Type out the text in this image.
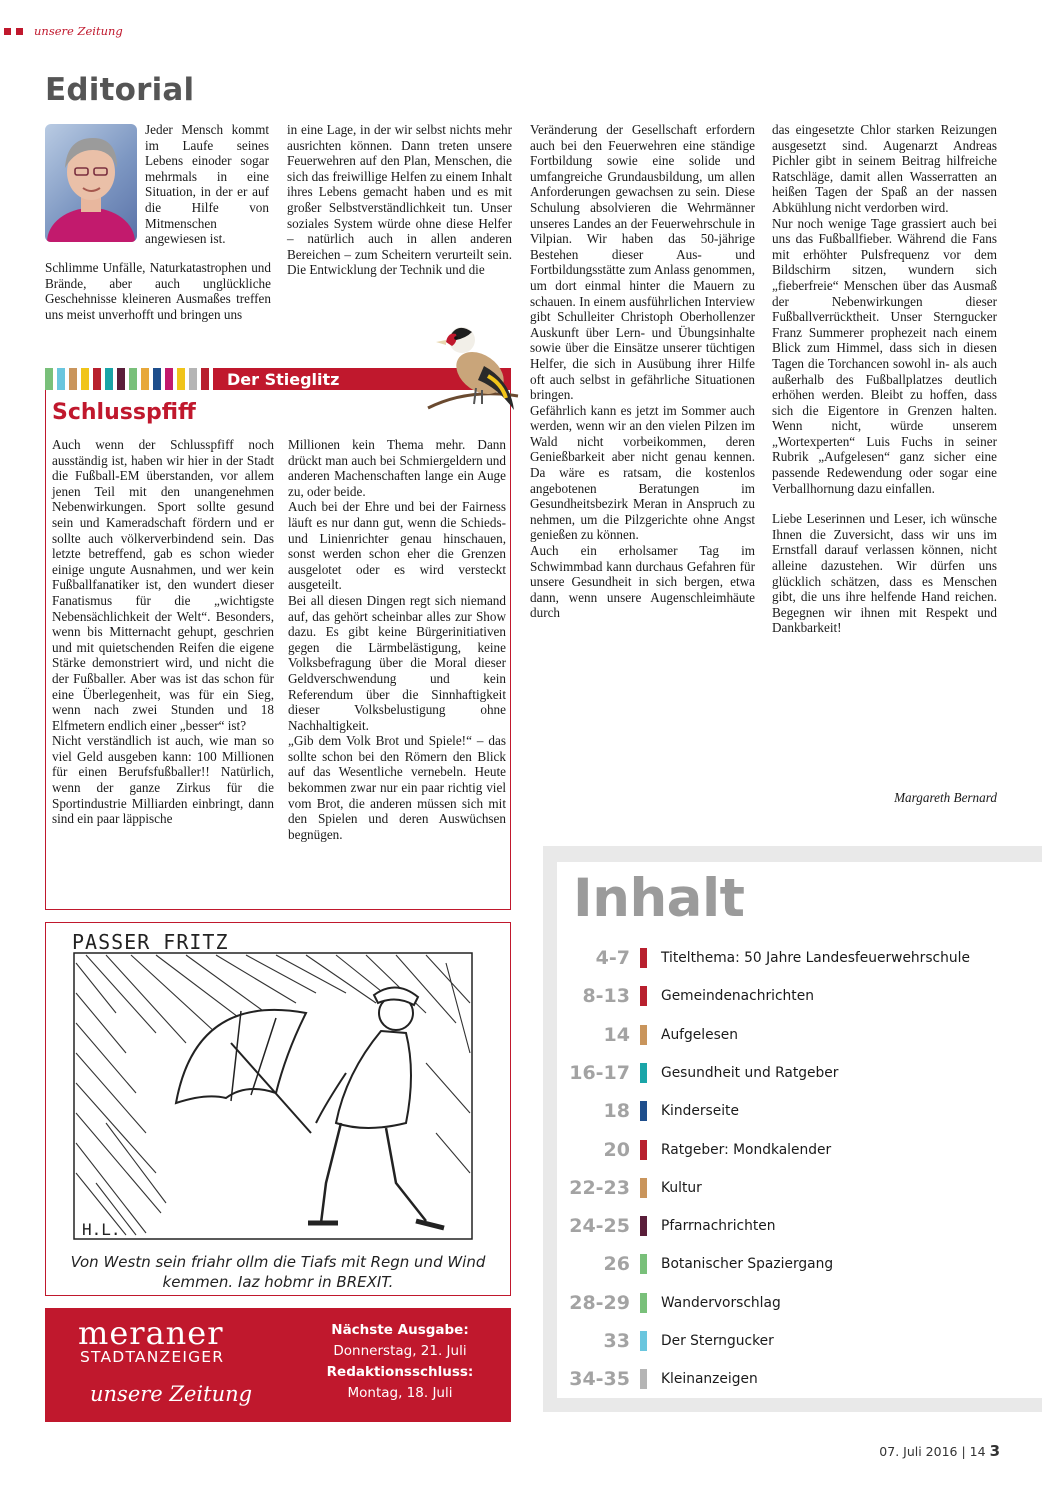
unsere Zeitung
Editorial

Jeder Mensch kommt im Laufe seines Lebens einoder sogar mehrmals in eine Situation, in der er auf die Hilfe von Mitmenschen angewiesen ist.

Schlimme Unfälle, Naturkatastrophen und Brände, aber auch unglückliche Geschehnisse kleineren Ausmaßes treffen uns meist unverhofft und bringen uns

in eine Lage, in der wir selbst nichts mehr ausrichten können. Dann treten unsere Feuerwehren auf den Plan, Menschen, die sich das freiwillige Helfen zu einem Inhalt ihres Lebens gemacht haben und es mit großer Selbstverständlichkeit tun. Unser soziales System würde ohne diese Helfer – natürlich auch in allen anderen Bereichen – zum Scheitern verurteilt sein. Die Entwicklung der Technik und die

Veränderung der Gesellschaft erfordern auch bei den Feuerwehren eine ständige Fortbildung sowie eine solide und umfangreiche Grundausbildung, um allen Anforderungen gewachsen zu sein. Diese Schulung absolvieren die Wehrmänner unseres Landes an der Feuerwehrschule in Vilpian. Wir haben das 50-jährige Bestehen dieser Aus- und Fortbildungsstätte zum Anlass genommen, um dort einmal hinter die Mauern zu schauen. In einem ausführlichen Interview gibt Schulleiter Christoph Oberhollenzer Auskunft über Lern- und Übungsinhalte sowie über die Einsätze unserer tüchtigen Helfer, die sich in Ausübung ihrer Hilfe oft auch selbst in gefährliche Situationen bringen.

Gefährlich kann es jetzt im Sommer auch werden, wenn wir an den vielen Pilzen im Wald nicht vorbeikommen, deren Genießbarkeit aber nicht genau kennen. Da wäre es ratsam, die kostenlos angebotenen Beratungen im Gesundheitsbezirk Meran in Anspruch zu nehmen, um die Pilzgerichte ohne Angst genießen zu können.

Auch ein erholsamer Tag im Schwimmbad kann durchaus Gefahren für unsere Gesundheit in sich bergen, etwa dann, wenn unsere Augenschleimhäute durch

das eingesetzte Chlor starken Reizungen ausgesetzt sind. Augenarzt Andreas Pichler gibt in seinem Beitrag hilfreiche Ratschläge, damit allen Wasserratten an heißen Tagen der Spaß an der nassen Abkühlung nicht verdorben wird.

Nur noch wenige Tage grassiert auch bei uns das Fußballfieber. Während die Fans mit erhöhter Pulsfrequenz vor dem Bildschirm sitzen, wundern sich „fieberfreie“ Menschen über das Ausmaß der Nebenwirkungen dieser Fußballverrücktheit. Unser Sterngucker Franz Summerer prophezeit nach einem Blick zum Himmel, dass sich in diesen Tagen die Torchancen sowohl in- als auch außerhalb des Fußballplatzes deutlich erhöhen werden. Bleibt zu hoffen, dass sich die Eigentore in Grenzen halten. Wenn nicht, würde unserem „Wortexperten“ Luis Fuchs in seiner Rubrik „Aufgelesen“ ganz sicher eine passende Redewendung oder sogar eine Verballhornung dazu einfallen.

Liebe Leserinnen und Leser, ich wünsche Ihnen die Zuversicht, dass wir uns im Ernstfall darauf verlassen können, nicht alleine dazustehen. Wir dürfen uns glücklich schätzen, dass es Menschen gibt, die uns ihre helfende Hand reichen. Begegnen wir ihnen mit Respekt und Dankbarkeit!

Margareth Bernard
Der Stieglitz
Schlusspfiff

Auch wenn der Schlusspfiff noch ausständig ist, haben wir hier in der Stadt die Fußball-EM überstanden, vor allem jenen Teil mit den unangenehmen Nebenwirkungen. Sport sollte gesund sein und Kameradschaft fördern und er sollte auch völkerverbindend sein. Das letzte betreffend, gab es schon wieder einige ungute Ausnahmen, und wer kein Fußballfanatiker ist, den wundert dieser Fanatismus für die „wichtigste Nebensächlichkeit der Welt“. Besonders, wenn bis Mitternacht gehupt, geschrien und mit quietschenden Reifen die eigene Stärke demonstriert wird, und nicht die der Fußballer. Aber was ist das schon für eine Überlegenheit, was für ein Sieg, wenn nach zwei Stunden und 18 Elfmetern endlich einer „besser“ ist?

Nicht verständlich ist auch, wie man so viel Geld ausgeben kann: 100 Millionen für einen Berufsfußballer!! Natürlich, wenn der ganze Zirkus für die Sportindustrie Milliarden einbringt, dann sind ein paar läppische

Millionen kein Thema mehr. Dann drückt man auch bei Schmiergeldern und anderen Machenschaften lange ein Auge zu, oder beide.

Auch bei der Ehre und bei der Fairness läuft es nur dann gut, wenn die Schieds- und Linienrichter genau hinschauen, sonst werden schon eher die Grenzen ausgelotet oder es wird versteckt ausgeteilt.

Bei all diesen Dingen regt sich niemand auf, das gehört scheinbar alles zur Show dazu. Es gibt keine Bürgerinitiativen gegen die Lärmbelästigung, keine Volksbefragung über die Moral dieser Geldverschwendung und kein Referendum über die Sinnhaftigkeit dieser Volksbelustigung ohne Nachhaltigkeit.

„Gib dem Volk Brot und Spiele!“ – das sollte schon bei den Römern den Blick auf das Wesentliche vernebeln. Heute bekommen zwar nur ein paar richtig viel vom Brot, die anderen müssen sich mit den Spielen und deren Auswüchsen begnügen.

H.L.
PASSER FRITZ
Von Westn sein friahr ollm die Tiafs mit Regn und Wind kemmen. Iaz hobmr in BREXIT.
meraner
STADTANZEIGER
unsere Zeitung
Nächste Ausgabe:
Donnerstag, 21. Juli
Redaktionsschluss:
Montag, 18. Juli
Inhalt
4-7 Titelthema: 50 Jahre Landesfeuerwehrschule
8-13 Gemeindenachrichten
14 Aufgelesen
16-17 Gesundheit und Ratgeber
18 Kinderseite
20 Ratgeber: Mondkalender
22-23 Kultur
24-25 Pfarrnachrichten
26 Botanischer Spaziergang
28-29 Wandervorschlag
33 Der Sterngucker
34-35 Kleinanzeigen
07. Juli 2016 | 14 3
